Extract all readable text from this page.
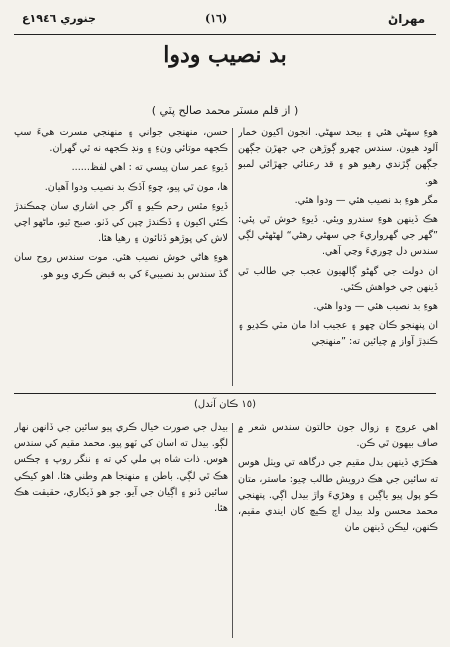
جنوري ١٩٤٦ع	(١٦)	مهراڻ
بد نصيب ودوا
( از قلم مسٽر محمد صالح پٽي )

هوءِ سهڻي هئي ۽ بيحد سهڻي. انجون اکيون خمار آلود هيون. سندس چهرو ڳوڙهن جي جهڙن جڳهن جڳهن ڳڙندي رهيو هو ۽ قد رعنائي جهڙائي لمبو هو.

مگر هوءِ بد نصيب هئي — ودوا هئي.

هڪ ڏينهن هوءِ سندرو ويئي. ڏيوءِ خوش ٿي پئي: ”گهر جي گهرواريءَ جي سهڻي رهڻي“ لهڻهڻي لڳي سندس دل چوريءَ وڃي آهي.

ان دولت جي گهڻو ڳالهيون عجب جي طالب ٿي ڏينهن جي خواهش ڪئي.

هوءِ بد نصيب هئي — ودوا هئي.

ان پنهنجو ڪان ڇهو ۽ عجيب ادا مان مٽي ڪڍيو ۽ ڪنڊڙ آواز ۾ چيائين ته: ”منهنجي

حسن، منهنجي جواني ۽ منهنجي مسرت هيءَ سڀ ڪجهه موتائي ونءِ ۽ ونڊ ڪجهه نه ٿي گهران.

ڏيوءِ عمر سان پيسي ته : اهي لفظ......

ها، مون ٿي پيو، چوءِ آڏڪ بد نصيب ودوا آهيان.

ڏيوءِ مٿس رحم ڪيو ۽ آگر جي اشاري سان چمڪندڙ ڪئي اکيون ۽ ڏڪندڙ چپن کي ڏٺو. صبح ٿيو، ماڻهو اچي لاش کي ڀوڙهو ڏٺائون ۽ رهيا هئا.

هوءِ هاڻي خوش نصيب هئي. موت سندس روح سان گڏ سندس بد نصيبيءَ کي به قبض ڪري ويو هو.

(١٥ ڪان آندل)

اهي عروج ۽ زوال جون حالتون سندس شعر ۾ صاف بيهون ٿي ڪن.

هڪڙي ڏينهن بدل مقيم جي درگاهه تي ويٺل هوس ته سائين جي هڪ درويش طالب چيو: ماستر، متان ڪو پول پيو ياڳين ۽ وهڙيءَ واڙ بيدل اڳي. پنهنجي محمد محسن ولد بيدل اچ ڪيچ کان ايندي مقيم، ڪنهن، ليڪن ڏينهن مان

بيدل جي صورت خيال ڪري پيو سائين جي ڏانهن نهار لڳو. بيدل ته اسان کي ٽهو پيو. محمد مقيم کي سندس هوس. ذات شاه ٻي ملي کي ته ۽ ننگر روپ ۽ ڄڪس هڪ ٿي لڳي. باطن ۽ منهنجا هم وطني هئا. اهو کيڪي سائين ڏنو ۽ اڳيان جي آيو. جو هو ڏيکاري، حقيقت هڪ هئا.
